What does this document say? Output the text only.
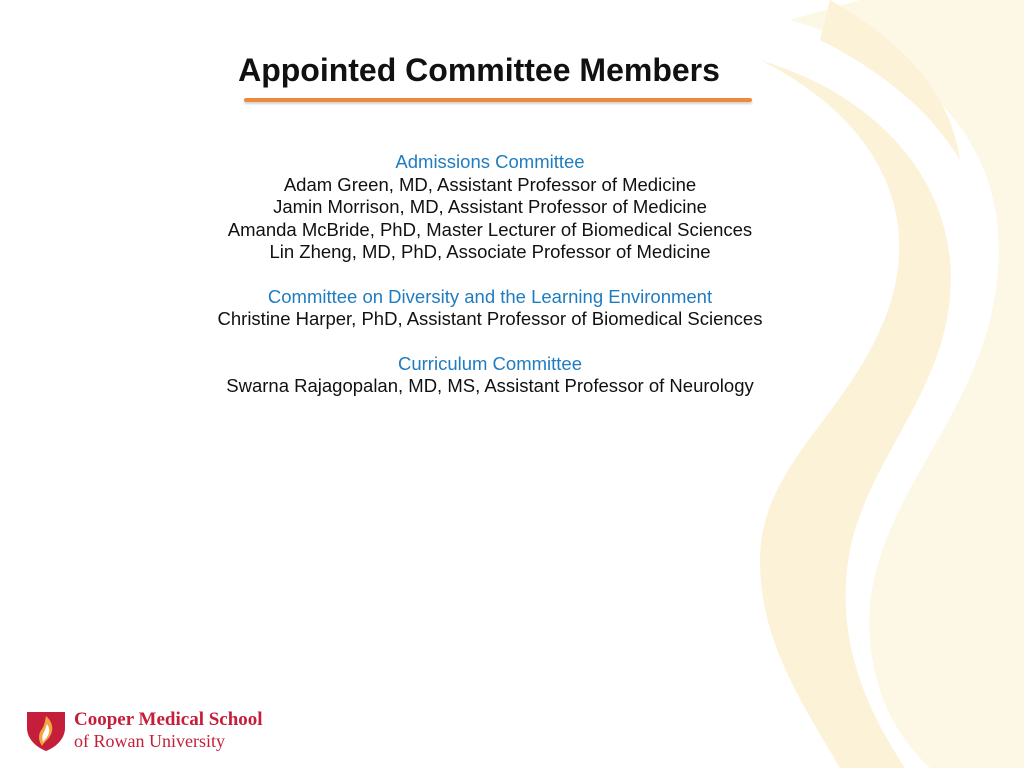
Appointed Committee Members
Admissions Committee
Adam Green, MD, Assistant Professor of Medicine
Jamin Morrison, MD, Assistant Professor of Medicine
Amanda McBride, PhD, Master Lecturer of Biomedical Sciences
Lin Zheng, MD, PhD, Associate Professor of Medicine
Committee on Diversity and the Learning Environment
Christine Harper, PhD, Assistant Professor of Biomedical Sciences
Curriculum Committee
Swarna Rajagopalan, MD, MS, Assistant Professor of Neurology
Cooper Medical School
of Rowan University
